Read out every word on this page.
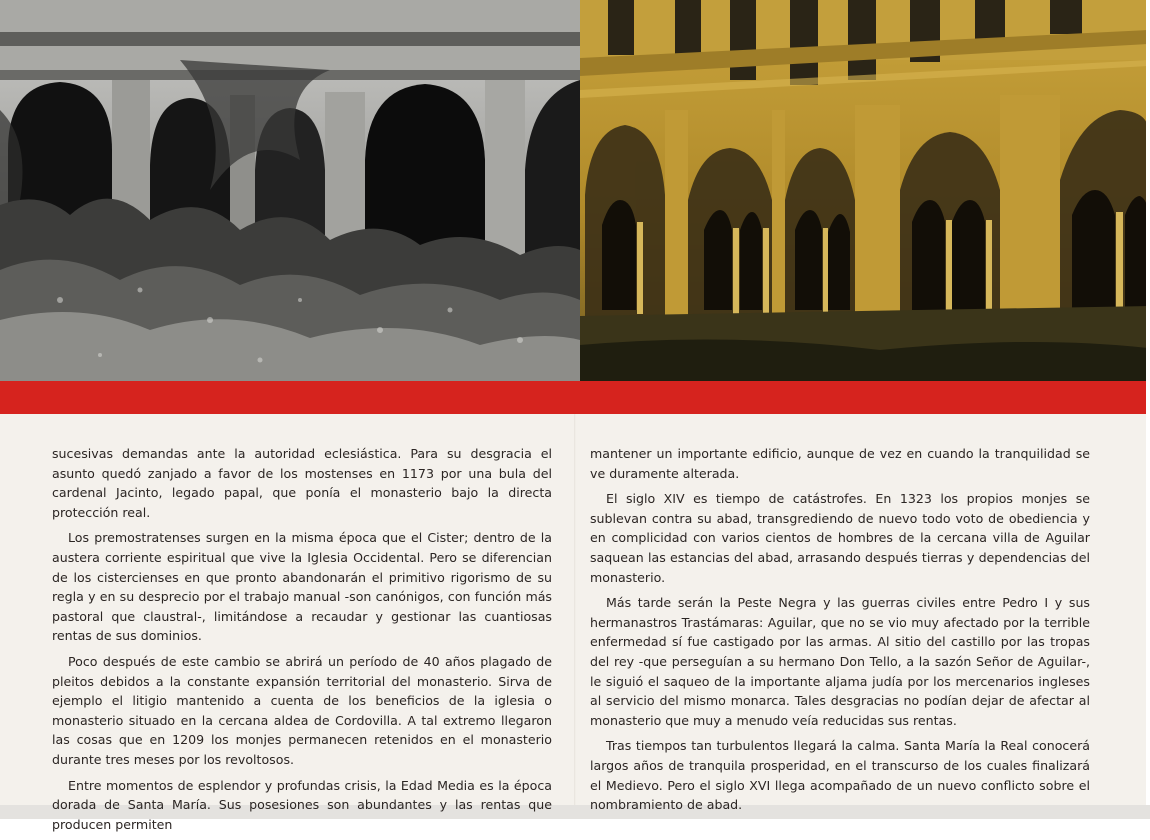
sucesivas demandas ante la autoridad eclesiástica. Para su desgracia el asunto quedó zanjado a favor de los mostenses en 1173 por una bula del cardenal Jacinto, legado papal, que ponía el monasterio bajo la directa protección real.

Los premostratenses surgen en la misma época que el Cister; dentro de la austera corriente espiritual que vive la Iglesia Occidental. Pero se diferencian de los cistercienses en que pronto abandonarán el primitivo rigorismo de su regla y en su desprecio por el trabajo manual -son canónigos, con función más pastoral que claustral-, limitándose a recaudar y gestionar las cuantiosas rentas de sus dominios.

Poco después de este cambio se abrirá un período de 40 años plagado de pleitos debidos a la constante expansión territorial del monasterio. Sirva de ejemplo el litigio mantenido a cuenta de los beneficios de la iglesia o monasterio situado en la cercana aldea de Cordovilla. A tal extremo llegaron las cosas que en 1209 los monjes permanecen retenidos en el monasterio durante tres meses por los revoltosos.

Entre momentos de esplendor y profundas crisis, la Edad Media es la época dorada de Santa María. Sus posesiones son abundantes y las rentas que producen permiten

mantener un importante edificio, aunque de vez en cuando la tranquilidad se ve duramente alterada.

El siglo XIV es tiempo de catástrofes. En 1323 los propios monjes se sublevan contra su abad, transgrediendo de nuevo todo voto de obediencia y en complicidad con varios cientos de hombres de la cercana villa de Aguilar saquean las estancias del abad, arrasando después tierras y dependencias del monasterio.

Más tarde serán la Peste Negra y las guerras civiles entre Pedro I y sus hermanastros Trastámaras: Aguilar, que no se vio muy afectado por la terrible enfermedad sí fue castigado por las armas. Al sitio del castillo por las tropas del rey -que perseguían a su hermano Don Tello, a la sazón Señor de Aguilar-, le siguió el saqueo de la importante aljama judía por los mercenarios ingleses al servicio del mismo monarca. Tales desgracias no podían dejar de afectar al monasterio que muy a menudo veía reducidas sus rentas.

Tras tiempos tan turbulentos llegará la calma. Santa María la Real conocerá largos años de tranquila prosperidad, en el transcurso de los cuales finalizará el Medievo. Pero el siglo XVI llega acompañado de un nuevo conflicto sobre el nombramiento de abad.
